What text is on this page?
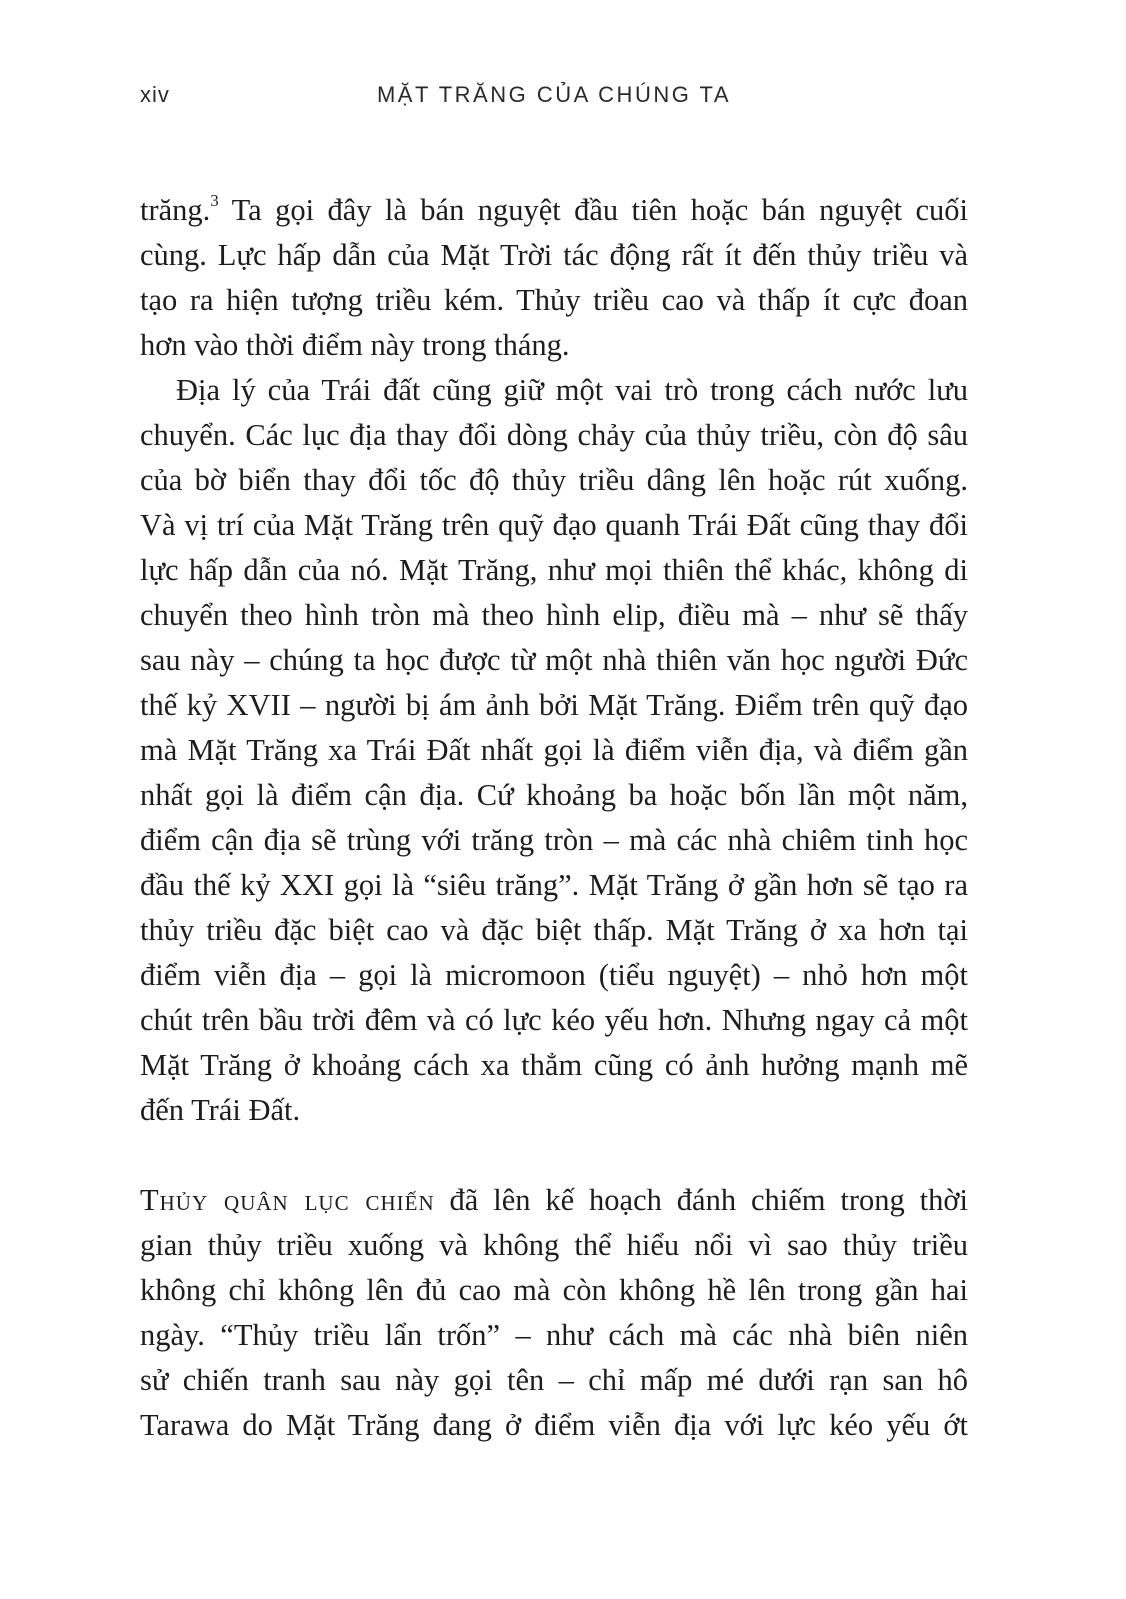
xiv	MẶT TRĂNG CỦA CHÚNG TA
trăng.$^3$ Ta gọi đây là bán nguyệt đầu tiên hoặc bán nguyệt cuối
cùng. Lực hấp dẫn của Mặt Trời tác động rất ít đến thủy triều và
tạo ra hiện tượng triều kém. Thủy triều cao và thấp ít cực đoan
hơn vào thời điểm này trong tháng.
Địa lý của Trái đất cũng giữ một vai trò trong cách nước lưu
chuyển. Các lục địa thay đổi dòng chảy của thủy triều, còn độ sâu
của bờ biển thay đổi tốc độ thủy triều dâng lên hoặc rút xuống.
Và vị trí của Mặt Trăng trên quỹ đạo quanh Trái Đất cũng thay đổi
lực hấp dẫn của nó. Mặt Trăng, như mọi thiên thể khác, không di
chuyển theo hình tròn mà theo hình elip, điều mà – như sẽ thấy
sau này – chúng ta học được từ một nhà thiên văn học người Đức
thế kỷ XVII – người bị ám ảnh bởi Mặt Trăng. Điểm trên quỹ đạo
mà Mặt Trăng xa Trái Đất nhất gọi là điểm viễn địa, và điểm gần
nhất gọi là điểm cận địa. Cứ khoảng ba hoặc bốn lần một năm,
điểm cận địa sẽ trùng với trăng tròn – mà các nhà chiêm tinh học
đầu thế kỷ XXI gọi là “siêu trăng”. Mặt Trăng ở gần hơn sẽ tạo ra
thủy triều đặc biệt cao và đặc biệt thấp. Mặt Trăng ở xa hơn tại
điểm viễn địa – gọi là micromoon (tiểu nguyệt) – nhỏ hơn một
chút trên bầu trời đêm và có lực kéo yếu hơn. Nhưng ngay cả một
Mặt Trăng ở khoảng cách xa thẳm cũng có ảnh hưởng mạnh mẽ
đến Trái Đất.
Thủy quân lục chiến đã lên kế hoạch đánh chiếm trong thời
gian thủy triều xuống và không thể hiểu nổi vì sao thủy triều
không chỉ không lên đủ cao mà còn không hề lên trong gần hai
ngày. “Thủy triều lẩn trốn” – như cách mà các nhà biên niên
sử chiến tranh sau này gọi tên – chỉ mấp mé dưới rạn san hô
Tarawa do Mặt Trăng đang ở điểm viễn địa với lực kéo yếu ớt
